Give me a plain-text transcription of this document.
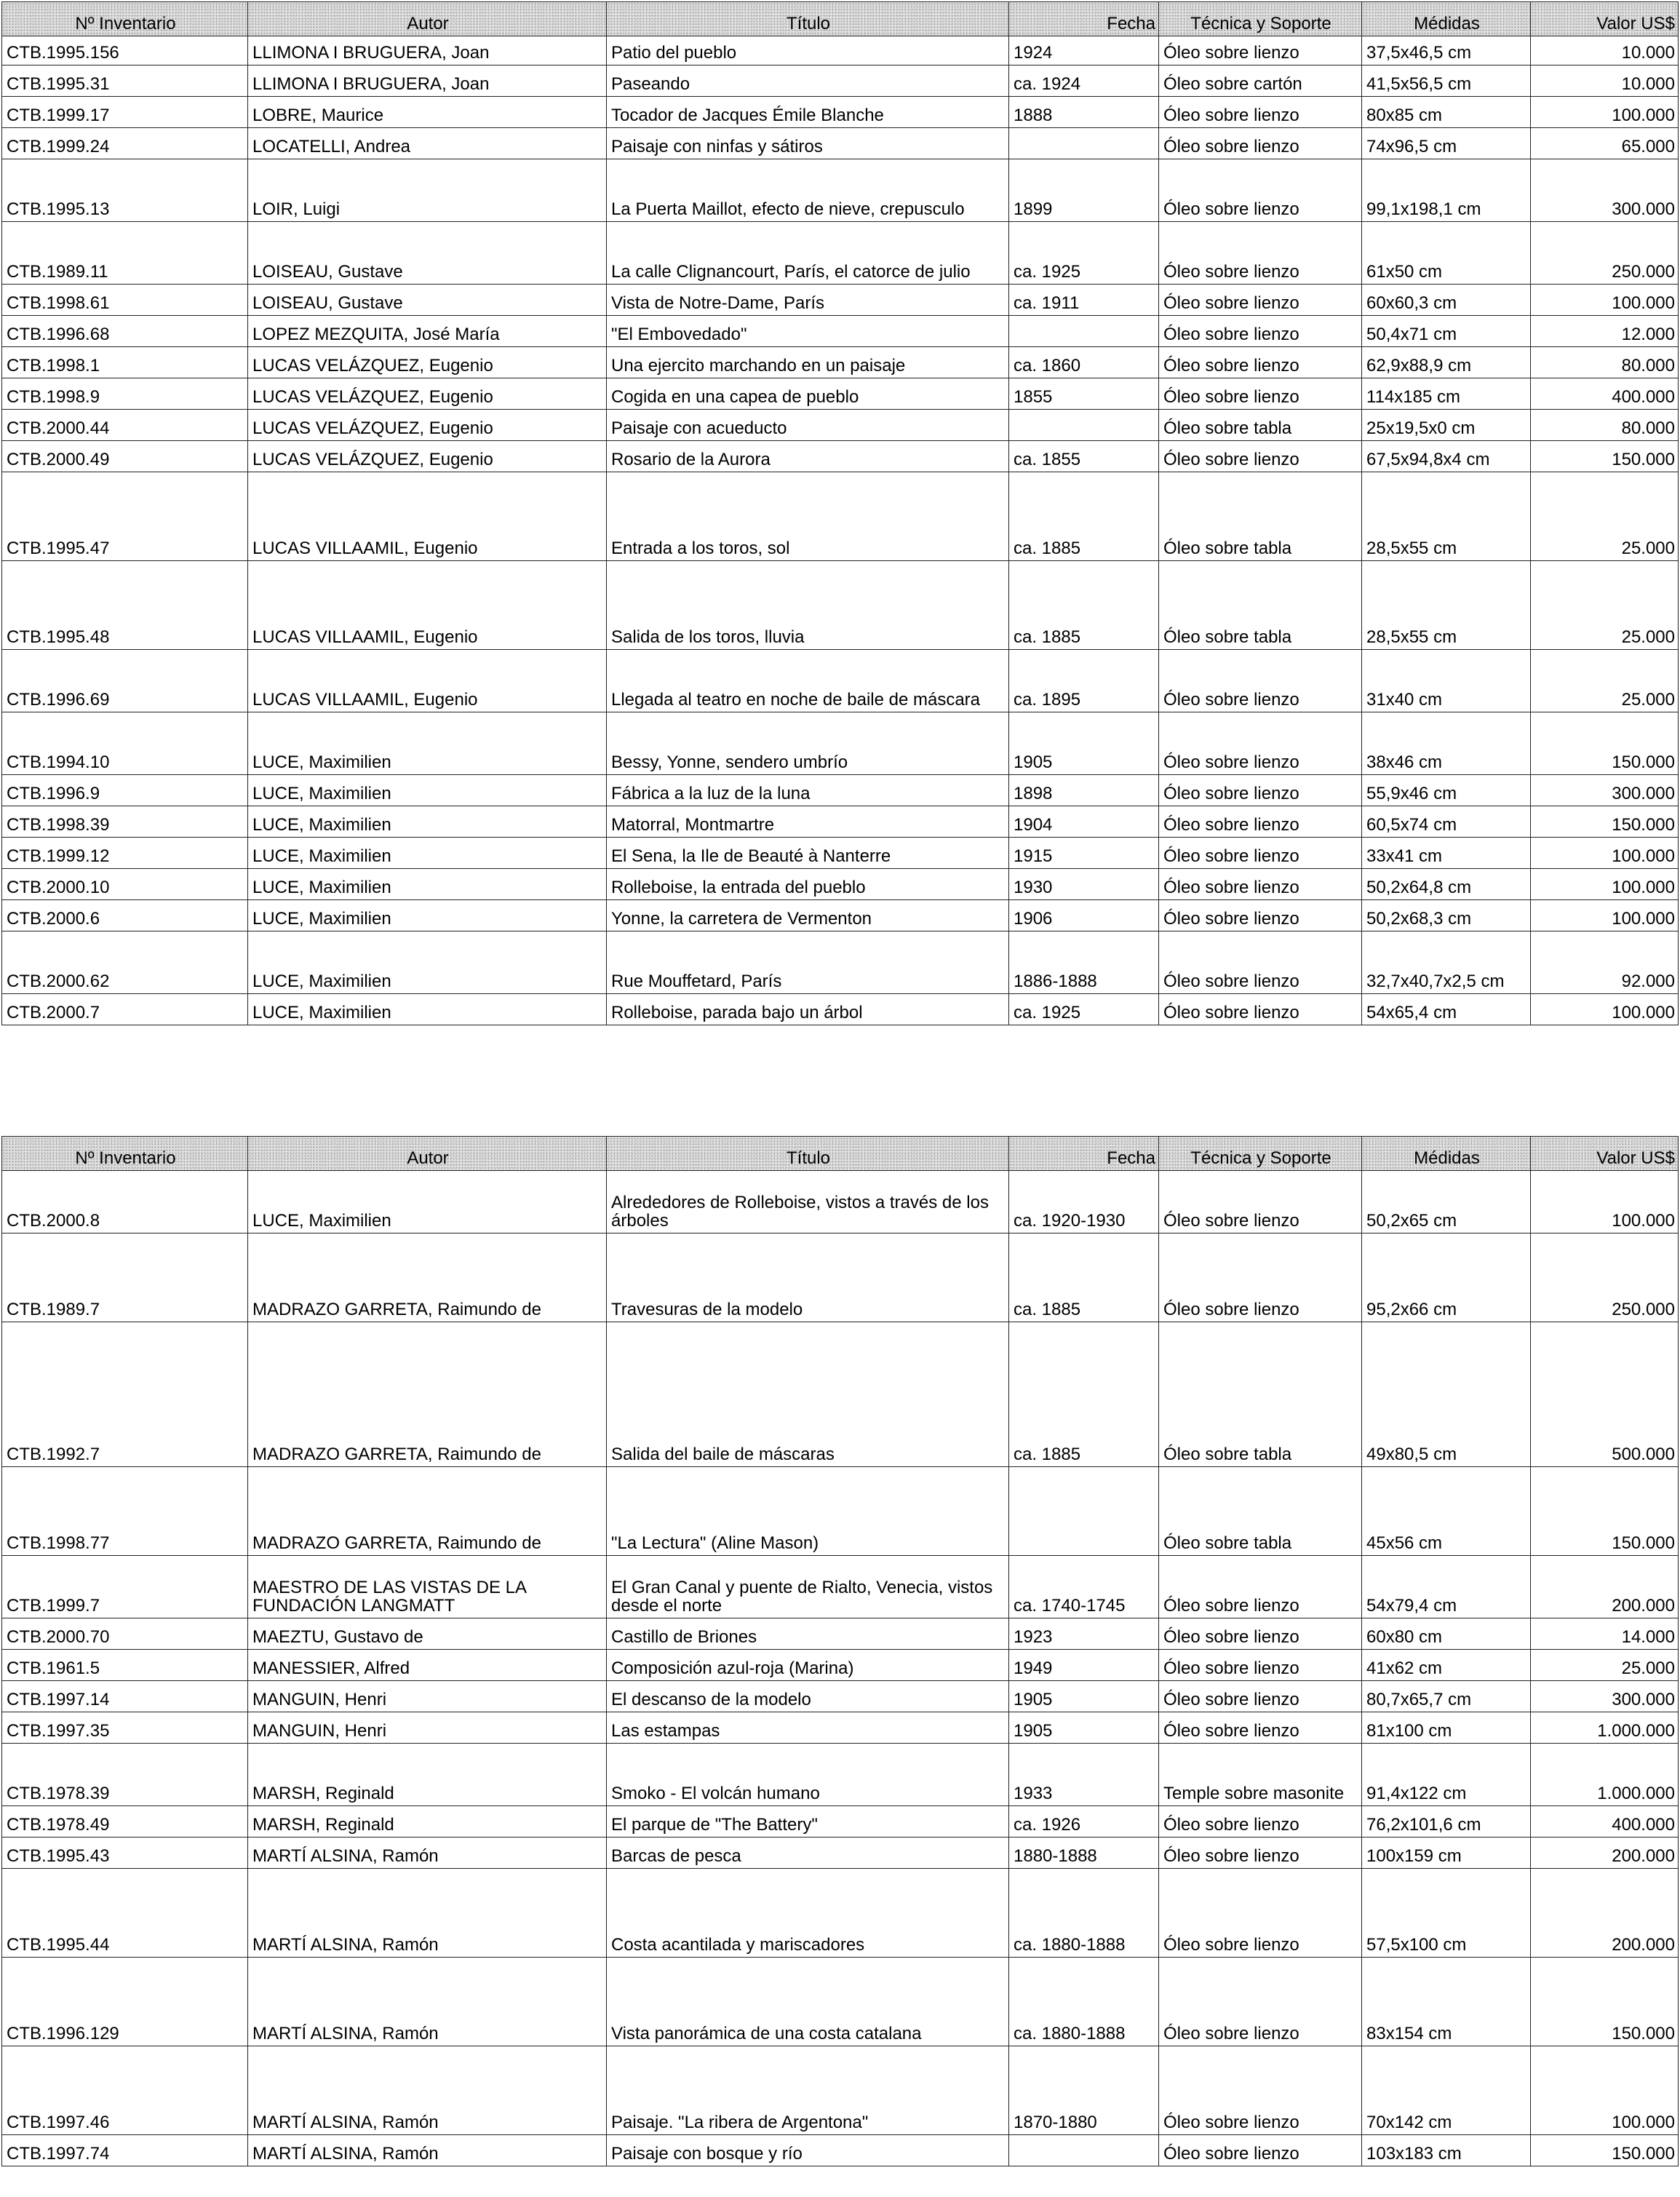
Nº Inventario	Autor	Título	Fecha	Técnica y Soporte	Médidas	Valor US$
CTB.1995.156	LLIMONA I BRUGUERA, Joan	Patio del pueblo	1924	Óleo sobre lienzo	37,5x46,5 cm	10.000
CTB.1995.31	LLIMONA I BRUGUERA, Joan	Paseando	ca. 1924	Óleo sobre cartón	41,5x56,5 cm	10.000
CTB.1999.17	LOBRE, Maurice	Tocador de Jacques Émile Blanche	1888	Óleo sobre lienzo	80x85 cm	100.000
CTB.1999.24	LOCATELLI, Andrea	Paisaje con ninfas y sátiros		Óleo sobre lienzo	74x96,5 cm	65.000
CTB.1995.13	LOIR, Luigi	La Puerta Maillot, efecto de nieve, crepusculo	1899	Óleo sobre lienzo	99,1x198,1 cm	300.000
CTB.1989.11	LOISEAU, Gustave	La calle Clignancourt, París, el catorce de julio	ca. 1925	Óleo sobre lienzo	61x50 cm	250.000
CTB.1998.61	LOISEAU, Gustave	Vista de Notre-Dame, París	ca. 1911	Óleo sobre lienzo	60x60,3 cm	100.000
CTB.1996.68	LOPEZ MEZQUITA, José María	"El Embovedado"		Óleo sobre lienzo	50,4x71 cm	12.000
CTB.1998.1	LUCAS VELÁZQUEZ, Eugenio	Una ejercito marchando en un paisaje	ca. 1860	Óleo sobre lienzo	62,9x88,9 cm	80.000
CTB.1998.9	LUCAS VELÁZQUEZ, Eugenio	Cogida en una capea de pueblo	1855	Óleo sobre lienzo	114x185 cm	400.000
CTB.2000.44	LUCAS VELÁZQUEZ, Eugenio	Paisaje con acueducto		Óleo sobre tabla	25x19,5x0 cm	80.000
CTB.2000.49	LUCAS VELÁZQUEZ, Eugenio	Rosario de la Aurora	ca. 1855	Óleo sobre lienzo	67,5x94,8x4 cm	150.000
CTB.1995.47	LUCAS VILLAAMIL, Eugenio	Entrada a los toros, sol	ca. 1885	Óleo sobre tabla	28,5x55 cm	25.000
CTB.1995.48	LUCAS VILLAAMIL, Eugenio	Salida de los toros, lluvia	ca. 1885	Óleo sobre tabla	28,5x55 cm	25.000
CTB.1996.69	LUCAS VILLAAMIL, Eugenio	Llegada al teatro en noche de baile de máscara	ca. 1895	Óleo sobre lienzo	31x40 cm	25.000
CTB.1994.10	LUCE, Maximilien	Bessy, Yonne, sendero umbrío	1905	Óleo sobre lienzo	38x46 cm	150.000
CTB.1996.9	LUCE, Maximilien	Fábrica a la luz de la luna	1898	Óleo sobre lienzo	55,9x46 cm	300.000
CTB.1998.39	LUCE, Maximilien	Matorral, Montmartre	1904	Óleo sobre lienzo	60,5x74 cm	150.000
CTB.1999.12	LUCE, Maximilien	El Sena, la Ile de Beauté à Nanterre	1915	Óleo sobre lienzo	33x41 cm	100.000
CTB.2000.10	LUCE, Maximilien	Rolleboise, la entrada del pueblo	1930	Óleo sobre lienzo	50,2x64,8 cm	100.000
CTB.2000.6	LUCE, Maximilien	Yonne, la carretera de Vermenton	1906	Óleo sobre lienzo	50,2x68,3 cm	100.000
CTB.2000.62	LUCE, Maximilien	Rue Mouffetard, París	1886-1888	Óleo sobre lienzo	32,7x40,7x2,5 cm	92.000
CTB.2000.7	LUCE, Maximilien	Rolleboise, parada bajo un árbol	ca. 1925	Óleo sobre lienzo	54x65,4 cm	100.000
Nº Inventario	Autor	Título	Fecha	Técnica y Soporte	Médidas	Valor US$
CTB.2000.8	LUCE, Maximilien	Alrededores de Rolleboise, vistos a través de los árboles	ca. 1920-1930	Óleo sobre lienzo	50,2x65 cm	100.000
CTB.1989.7	MADRAZO GARRETA, Raimundo de	Travesuras de la modelo	ca. 1885	Óleo sobre lienzo	95,2x66 cm	250.000
CTB.1992.7	MADRAZO GARRETA, Raimundo de	Salida del baile de máscaras	ca. 1885	Óleo sobre tabla	49x80,5 cm	500.000
CTB.1998.77	MADRAZO GARRETA, Raimundo de	"La Lectura" (Aline Mason)		Óleo sobre tabla	45x56 cm	150.000
CTB.1999.7	MAESTRO DE LAS VISTAS DE LA FUNDACIÓN LANGMATT	El Gran Canal y puente de Rialto, Venecia, vistos desde el norte	ca. 1740-1745	Óleo sobre lienzo	54x79,4 cm	200.000
CTB.2000.70	MAEZTU, Gustavo de	Castillo de Briones	1923	Óleo sobre lienzo	60x80 cm	14.000
CTB.1961.5	MANESSIER, Alfred	Composición azul-roja (Marina)	1949	Óleo sobre lienzo	41x62 cm	25.000
CTB.1997.14	MANGUIN, Henri	El descanso de la modelo	1905	Óleo sobre lienzo	80,7x65,7 cm	300.000
CTB.1997.35	MANGUIN, Henri	Las estampas	1905	Óleo sobre lienzo	81x100 cm	1.000.000
CTB.1978.39	MARSH, Reginald	Smoko - El volcán humano	1933	Temple sobre masonite	91,4x122 cm	1.000.000
CTB.1978.49	MARSH, Reginald	El parque de "The Battery"	ca. 1926	Óleo sobre lienzo	76,2x101,6 cm	400.000
CTB.1995.43	MARTÍ ALSINA, Ramón	Barcas de pesca	1880-1888	Óleo sobre lienzo	100x159 cm	200.000
CTB.1995.44	MARTÍ ALSINA, Ramón	Costa acantilada y mariscadores	ca. 1880-1888	Óleo sobre lienzo	57,5x100 cm	200.000
CTB.1996.129	MARTÍ ALSINA, Ramón	Vista panorámica de una costa catalana	ca. 1880-1888	Óleo sobre lienzo	83x154 cm	150.000
CTB.1997.46	MARTÍ ALSINA, Ramón	Paisaje. "La ribera de Argentona"	1870-1880	Óleo sobre lienzo	70x142 cm	100.000
CTB.1997.74	MARTÍ ALSINA, Ramón	Paisaje con bosque y río		Óleo sobre lienzo	103x183 cm	150.000
